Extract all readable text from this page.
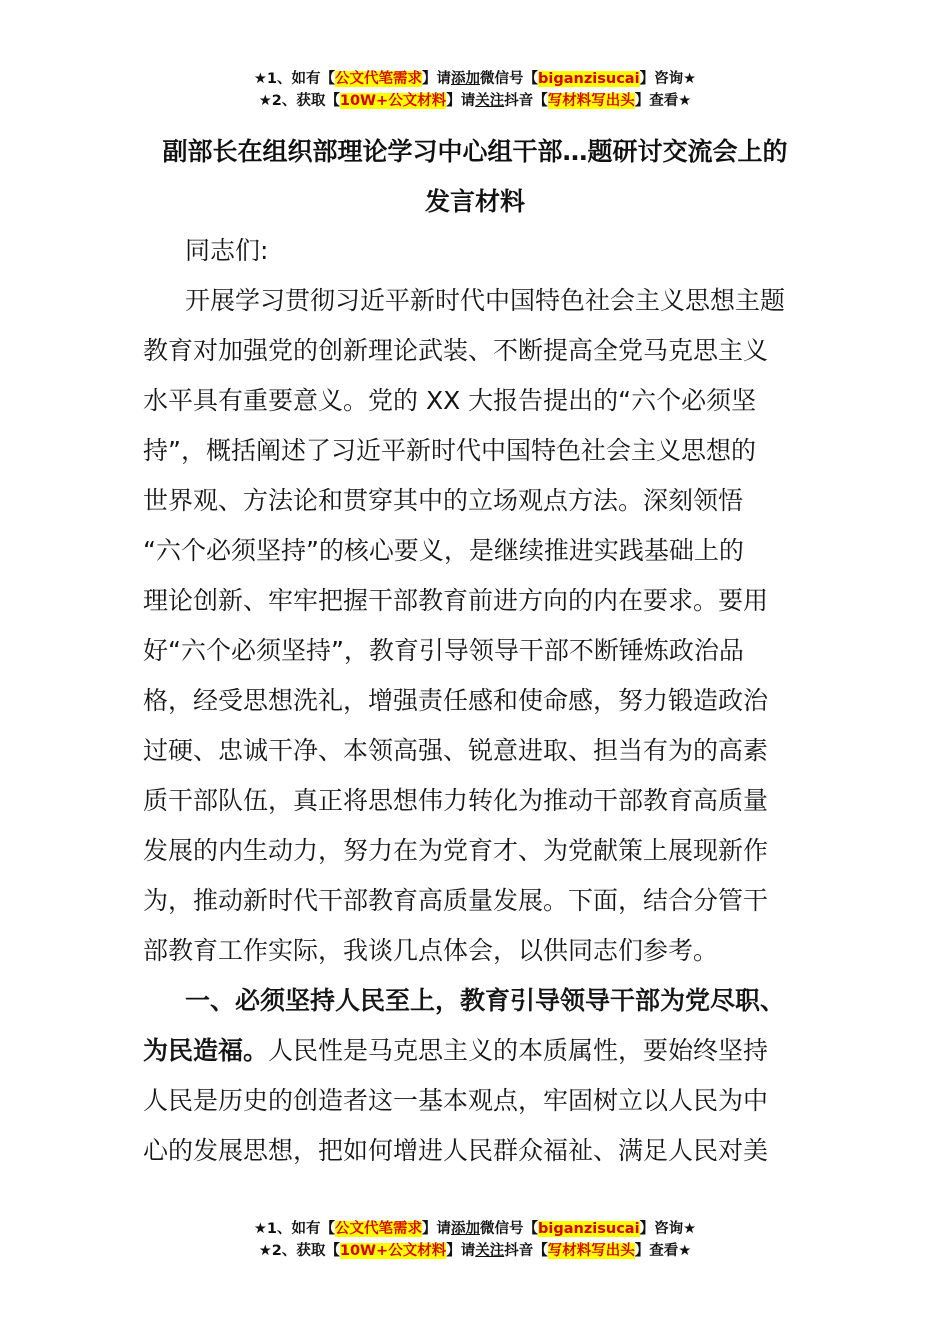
★1、如有【公文代笔需求】请添加微信号【biganzisucai】咨询★
★2、获取【10W+公文材料】请关注抖音【写材料写出头】查看★
副部长在组织部理论学习中心组干部…题研讨交流会上的
发言材料
同志们:
开展学习贯彻习近平新时代中国特色社会主义思想主题
教育对加强党的创新理论武装、不断提高全党马克思主义
水平具有重要意义。党的 XX 大报告提出的“六个必须坚
持”，概括阐述了习近平新时代中国特色社会主义思想的
世界观、方法论和贯穿其中的立场观点方法。深刻领悟
“六个必须坚持”的核心要义，是继续推进实践基础上的
理论创新、牢牢把握干部教育前进方向的内在要求。要用
好“六个必须坚持”，教育引导领导干部不断锤炼政治品
格，经受思想洗礼，增强责任感和使命感，努力锻造政治
过硬、忠诚干净、本领高强、锐意进取、担当有为的高素
质干部队伍，真正将思想伟力转化为推动干部教育高质量
发展的内生动力，努力在为党育才、为党献策上展现新作
为，推动新时代干部教育高质量发展。下面，结合分管干
部教育工作实际，我谈几点体会，以供同志们参考。
一、必须坚持人民至上，教育引导领导干部为党尽职、
为民造福。人民性是马克思主义的本质属性，要始终坚持
人民是历史的创造者这一基本观点，牢固树立以人民为中
心的发展思想，把如何增进人民群众福祉、满足人民对美
★1、如有【公文代笔需求】请添加微信号【biganzisucai】咨询★
★2、获取【10W+公文材料】请关注抖音【写材料写出头】查看★
